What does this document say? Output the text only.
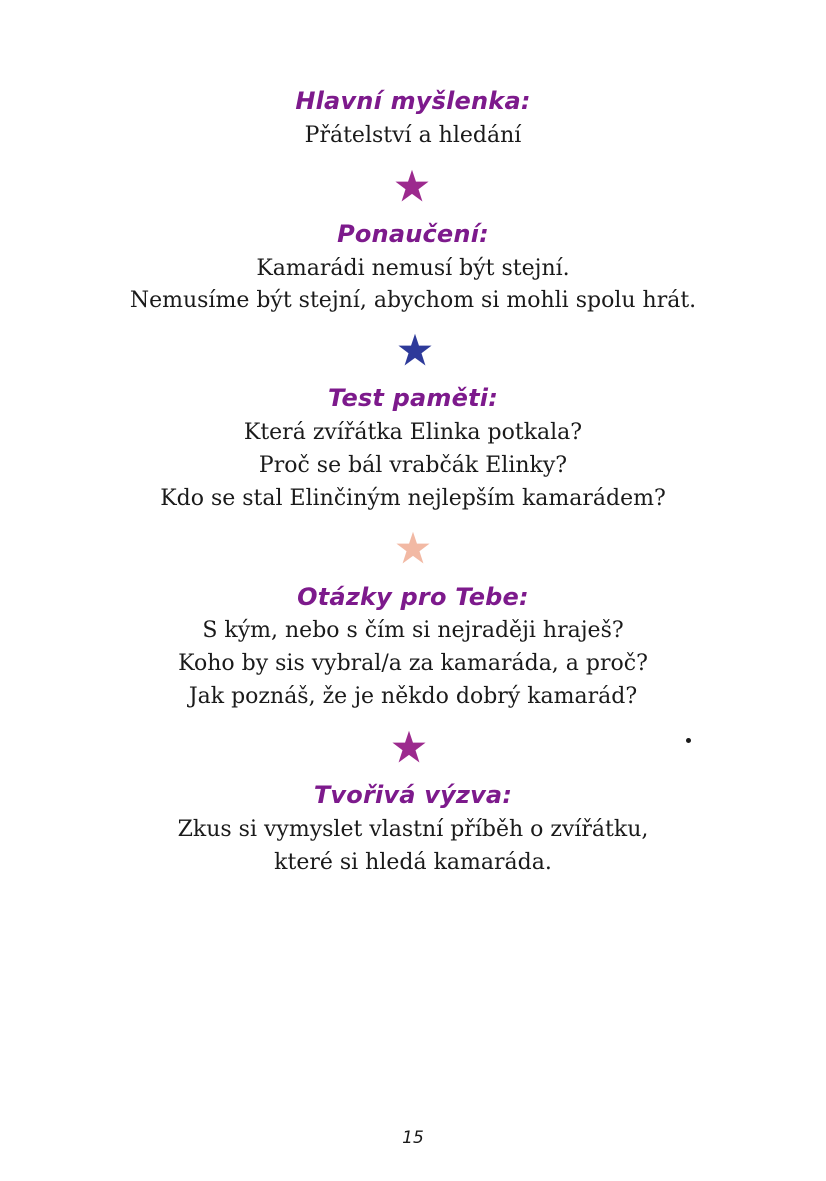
Hlavní myšlenka:
Přátelství a hledání
Ponaučení:
Kamarádi nemusí být stejní.
Nemusíme být stejní, abychom si mohli spolu hrát.
Test paměti:
Která zvířátka Elinka potkala?
Proč se bál vrabčák Elinky?
Kdo se stal Elinčiným nejlepším kamarádem?
Otázky pro Tebe:
S kým, nebo s čím si nejraději hraješ?
Koho by sis vybral/a za kamaráda, a proč?
Jak poznáš, že je někdo dobrý kamarád?
Tvořivá výzva:
Zkus si vymyslet vlastní příběh o zvířátku,
které si hledá kamaráda.
15
